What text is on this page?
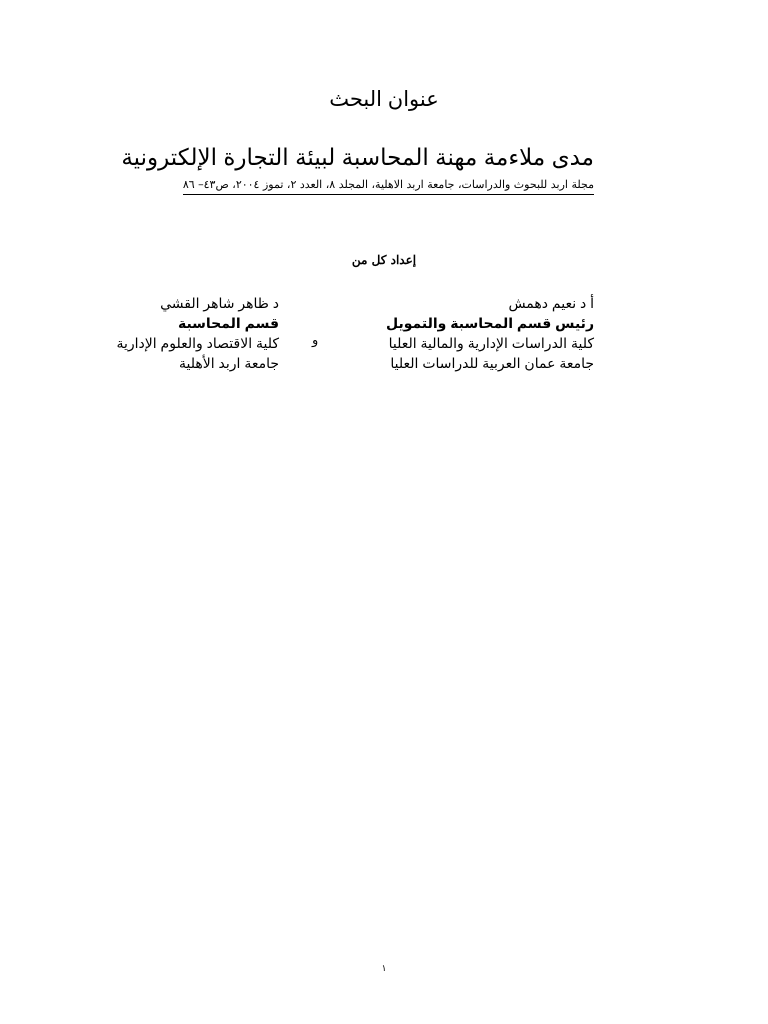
عنوان البحث
مدى ملاءمة مهنة المحاسبة لبيئة التجارة الإلكترونية
مجلة اربد للبحوث والدراسات، جامعة اربد الاهلية، المجلد ٨، العدد ٢، تموز ٢٠٠٤، ص٤٣– ٨٦
إعداد كل من
أ د نعيم دهمش
رئيس قسم المحاسبة والتمويل
كلية الدراسات الإدارية والمالية العليا
جامعة عمان العربية للدراسات العليا
و
د ظاهر شاهر القشي
قسم المحاسبة
كلية الاقتصاد والعلوم الإدارية
جامعة اربد الأهلية
١
